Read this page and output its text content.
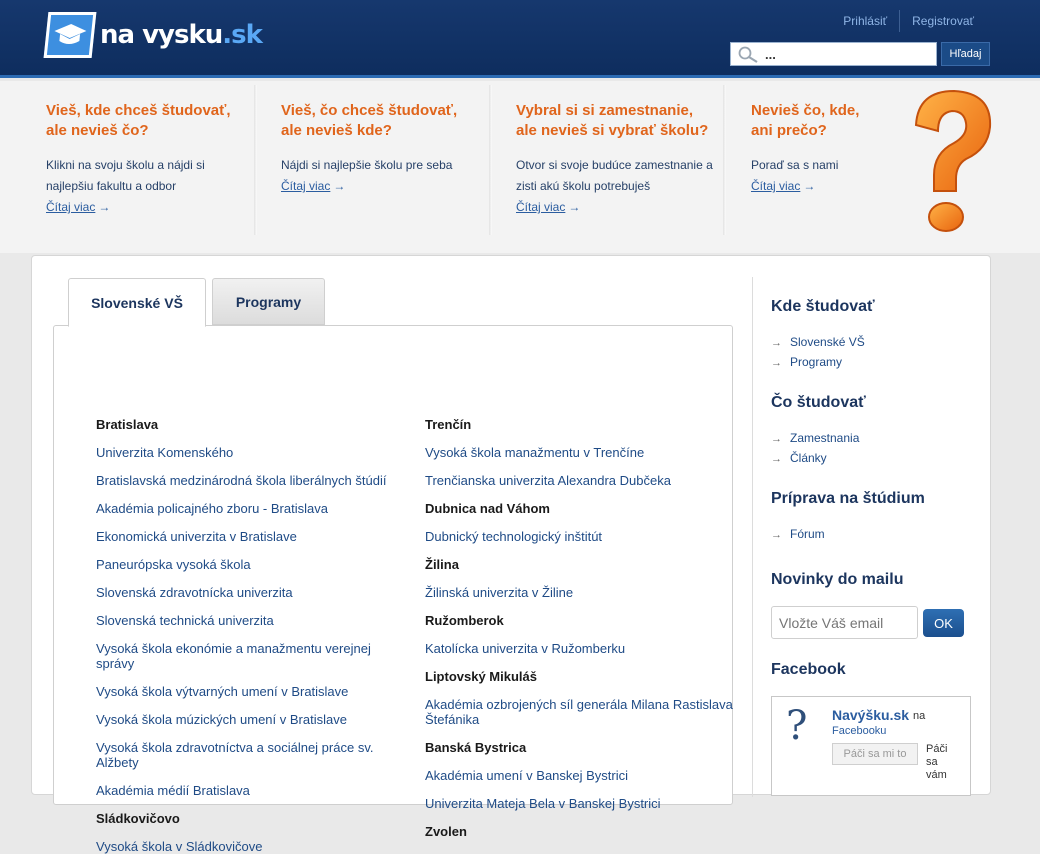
na vysku.sk	Prihlásiť	Registrovať
...
Hľadaj
Vieš, kde chceš študovať, ale nevieš čo?

Klikni na svoju školu a nájdi si najlepšiu fakultu a odbor

Čítaj viac →
Vieš, čo chceš študovať, ale nevieš kde?

Nájdi si najlepšie školu pre seba

Čítaj viac →
Vybral si si zamestnanie, ale nevieš si vybrať školu?

Otvor si svoje budúce zamestnanie a zisti akú školu potrebuješ

Čítaj viac →
Nevieš čo, kde, ani prečo?

Poraď sa s nami

Čítaj viac →
Bratislava
Univerzita Komenského
Bratislavská medzinárodná škola liberálnych štúdií
Akadémia policajného zboru - Bratislava
Ekonomická univerzita v Bratislave
Paneurópska vysoká škola
Slovenská zdravotnícka univerzita
Slovenská technická univerzita
Vysoká škola ekonómie a manažmentu verejnej správy
Vysoká škola výtvarných umení v Bratislave
Vysoká škola múzických umení v Bratislave
Vysoká škola zdravotníctva a sociálnej práce sv. Alžbety
Akadémia médií Bratislava
Sládkovičovo
Vysoká škola v Sládkovičove
Trenčín
Vysoká škola manažmentu v Trenčíne
Trenčianska univerzita Alexandra Dubčeka
Dubnica nad Váhom
Dubnický technologický inštitút
Žilina
Žilinská univerzita v Žiline
Ružomberok
Katolícka univerzita v Ružomberku
Liptovský Mikuláš
Akadémia ozbrojených síl generála Milana Rastislava Štefánika
Banská Bystrica
Akadémia umení v Banskej Bystrici
Univerzita Mateja Bela v Banskej Bystrici
Zvolen
Slovenské VŠ	Programy	Kde študovať
→ Slovenské VŠ
→ Programy
Čo študovať
→ Zamestnania
→ Články
Príprava na štúdium
→ Fórum
Novinky do mailu
Vložte Váš email
OK
Facebook
? Navýšku.sk na
Facebooku
Páči sa mi to	Páči sa vám
